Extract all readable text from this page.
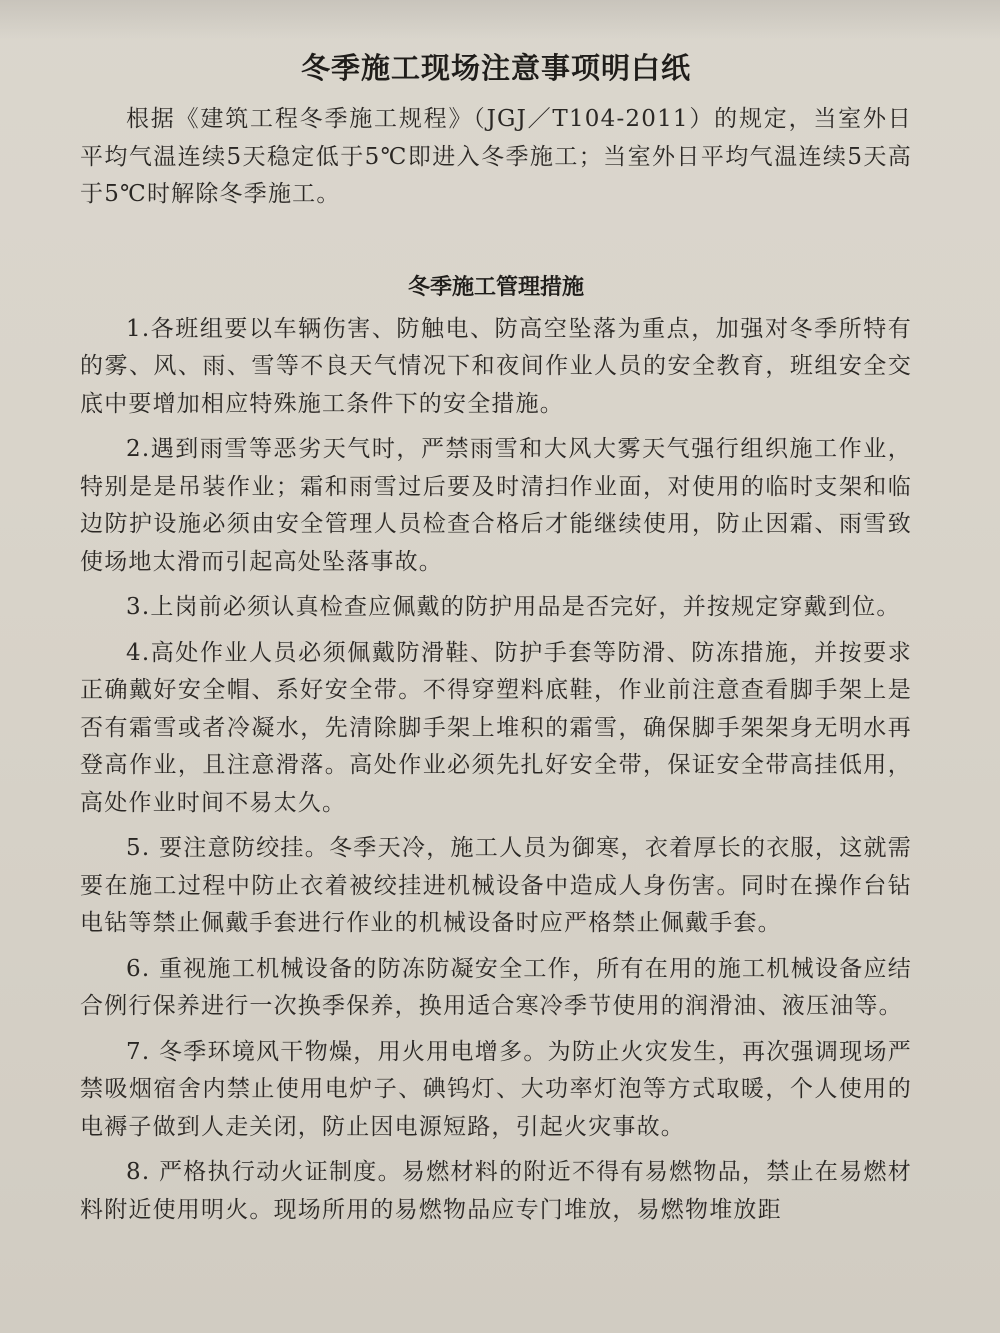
冬季施工现场注意事项明白纸

根据《建筑工程冬季施工规程》（JGJ／T104-2011）的规定，当室外日平均气温连续5天稳定低于5℃即进入冬季施工；当室外日平均气温连续5天高于5℃时解除冬季施工。

冬季施工管理措施

1.各班组要以车辆伤害、防触电、防高空坠落为重点，加强对冬季所特有的雾、风、雨、雪等不良天气情况下和夜间作业人员的安全教育，班组安全交底中要增加相应特殊施工条件下的安全措施。

2.遇到雨雪等恶劣天气时，严禁雨雪和大风大雾天气强行组织施工作业，特别是是吊装作业；霜和雨雪过后要及时清扫作业面，对使用的临时支架和临边防护设施必须由安全管理人员检查合格后才能继续使用，防止因霜、雨雪致使场地太滑而引起高处坠落事故。

3.上岗前必须认真检查应佩戴的防护用品是否完好，并按规定穿戴到位。

4.高处作业人员必须佩戴防滑鞋、防护手套等防滑、防冻措施，并按要求正确戴好安全帽、系好安全带。不得穿塑料底鞋，作业前注意查看脚手架上是否有霜雪或者冷凝水，先清除脚手架上堆积的霜雪，确保脚手架架身无明水再登高作业，且注意滑落。高处作业必须先扎好安全带，保证安全带高挂低用，高处作业时间不易太久。

5. 要注意防绞挂。冬季天冷，施工人员为御寒，衣着厚长的衣服，这就需要在施工过程中防止衣着被绞挂进机械设备中造成人身伤害。同时在操作台钻电钻等禁止佩戴手套进行作业的机械设备时应严格禁止佩戴手套。

6. 重视施工机械设备的防冻防凝安全工作，所有在用的施工机械设备应结合例行保养进行一次换季保养，换用适合寒冷季节使用的润滑油、液压油等。

7. 冬季环境风干物燥，用火用电增多。为防止火灾发生，再次强调现场严禁吸烟宿舍内禁止使用电炉子、碘钨灯、大功率灯泡等方式取暖，个人使用的电褥子做到人走关闭，防止因电源短路，引起火灾事故。

8. 严格执行动火证制度。易燃材料的附近不得有易燃物品，禁止在易燃材料附近使用明火。现场所用的易燃物品应专门堆放，易燃物堆放距
